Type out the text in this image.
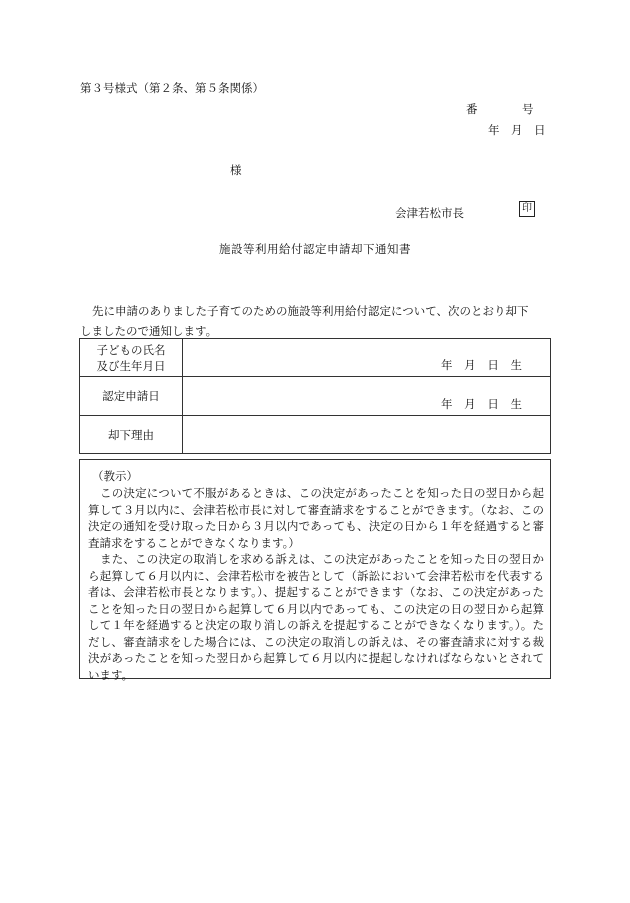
第３号様式（第２条、第５条関係）
番	号
年　月　日
様
会津若松市長	印
施設等利用給付認定申請却下通知書
先に申請のありました子育てのための施設等利用給付認定について、次のとおり却下
しましたので通知します。
子どもの氏名
及び生年月日	年 月 日 生

認定申請日	年 月 日 生

却下理由	
（教示）

この決定について不服があるときは、この決定があったことを知った日の翌日から起算して３月以内に、会津若松市長に対して審査請求をすることができます。（なお、この決定の通知を受け取った日から３月以内であっても、決定の日から１年を経過すると審査請求をすることができなくなります。）

また、この決定の取消しを求める訴えは、この決定があったことを知った日の翌日から起算して６月以内に、会津若松市を被告として（訴訟において会津若松市を代表する者は、会津若松市長となります。）、提起することができます（なお、この決定があったことを知った日の翌日から起算して６月以内であっても、この決定の日の翌日から起算して１年を経過すると決定の取り消しの訴えを提起することができなくなります。）。ただし、審査請求をした場合には、この決定の取消しの訴えは、その審査請求に対する裁決があったことを知った翌日から起算して６月以内に提起しなければならないとされています。
